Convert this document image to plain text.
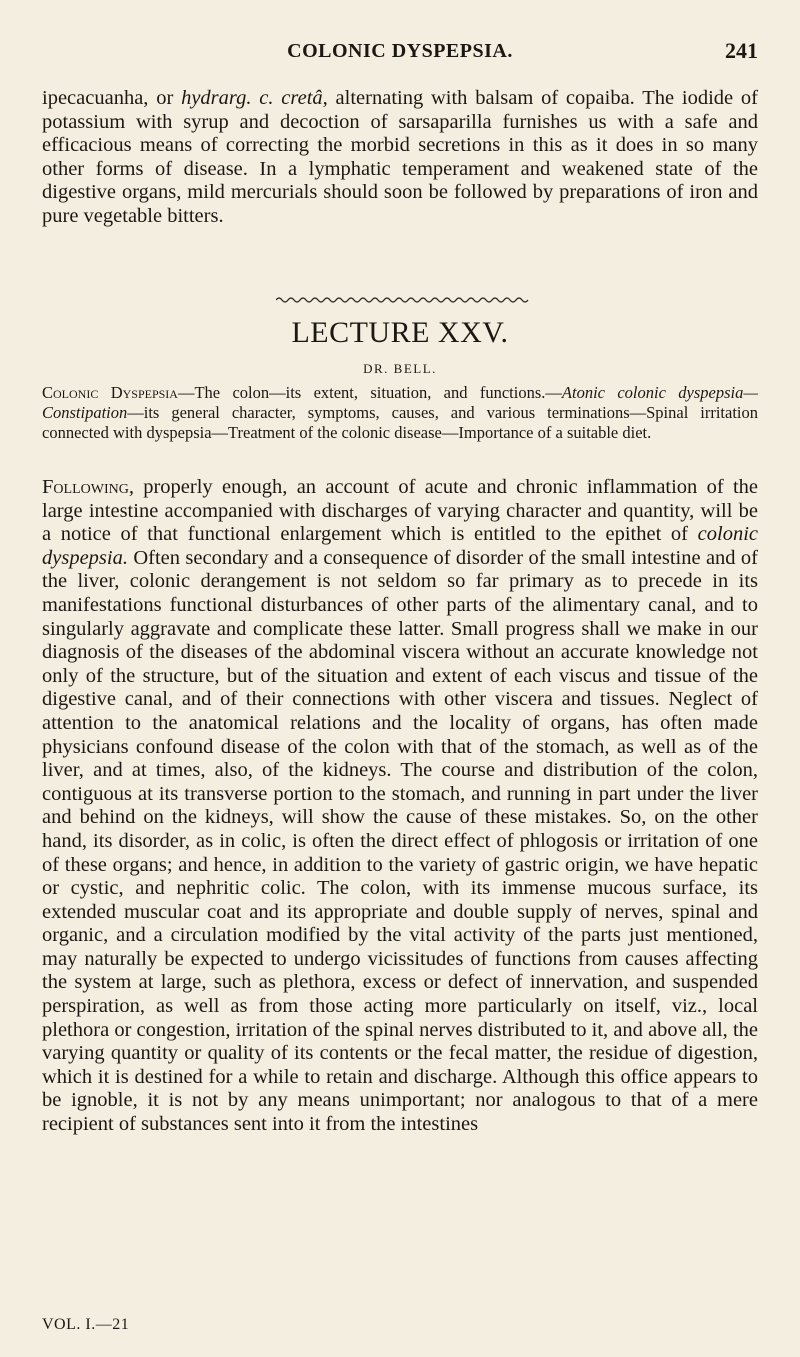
COLONIC DYSPEPSIA.	241
ipecacuanha, or hydrarg. c. cretâ, alternating with balsam of copaiba. The iodide of potassium with syrup and decoction of sarsaparilla furnishes us with a safe and efficacious means of correcting the morbid secretions in this as it does in so many other forms of disease. In a lymphatic temperament and weakened state of the digestive organs, mild mercurials should soon be followed by preparations of iron and pure vegetable bitters.
LECTURE XXV.
DR. BELL.
Colonic Dyspepsia—The colon—its extent, situation, and functions.—Atonic colonic dyspepsia—Constipation—its general character, symptoms, causes, and various terminations—Spinal irritation connected with dyspepsia—Treatment of the colonic disease—Importance of a suitable diet.
Following, properly enough, an account of acute and chronic inflammation of the large intestine accompanied with discharges of varying character and quantity, will be a notice of that functional enlargement which is entitled to the epithet of colonic dyspepsia. Often secondary and a consequence of disorder of the small intestine and of the liver, colonic derangement is not seldom so far primary as to precede in its manifestations functional disturbances of other parts of the alimentary canal, and to singularly aggravate and complicate these latter. Small progress shall we make in our diagnosis of the diseases of the abdominal viscera without an accurate knowledge not only of the structure, but of the situation and extent of each viscus and tissue of the digestive canal, and of their connections with other viscera and tissues. Neglect of attention to the anatomical relations and the locality of organs, has often made physicians confound disease of the colon with that of the stomach, as well as of the liver, and at times, also, of the kidneys. The course and distribution of the colon, contiguous at its transverse portion to the stomach, and running in part under the liver and behind on the kidneys, will show the cause of these mistakes. So, on the other hand, its disorder, as in colic, is often the direct effect of phlogosis or irritation of one of these organs; and hence, in addition to the variety of gastric origin, we have hepatic or cystic, and nephritic colic. The colon, with its immense mucous surface, its extended muscular coat and its appropriate and double supply of nerves, spinal and organic, and a circulation modified by the vital activity of the parts just mentioned, may naturally be expected to undergo vicissitudes of functions from causes affecting the system at large, such as plethora, excess or defect of innervation, and suspended perspiration, as well as from those acting more particularly on itself, viz., local plethora or congestion, irritation of the spinal nerves distributed to it, and above all, the varying quantity or quality of its contents or the fecal matter, the residue of digestion, which it is destined for a while to retain and discharge. Although this office appears to be ignoble, it is not by any means unimportant; nor analogous to that of a mere recipient of substances sent into it from the intestines
VOL. I.—21
